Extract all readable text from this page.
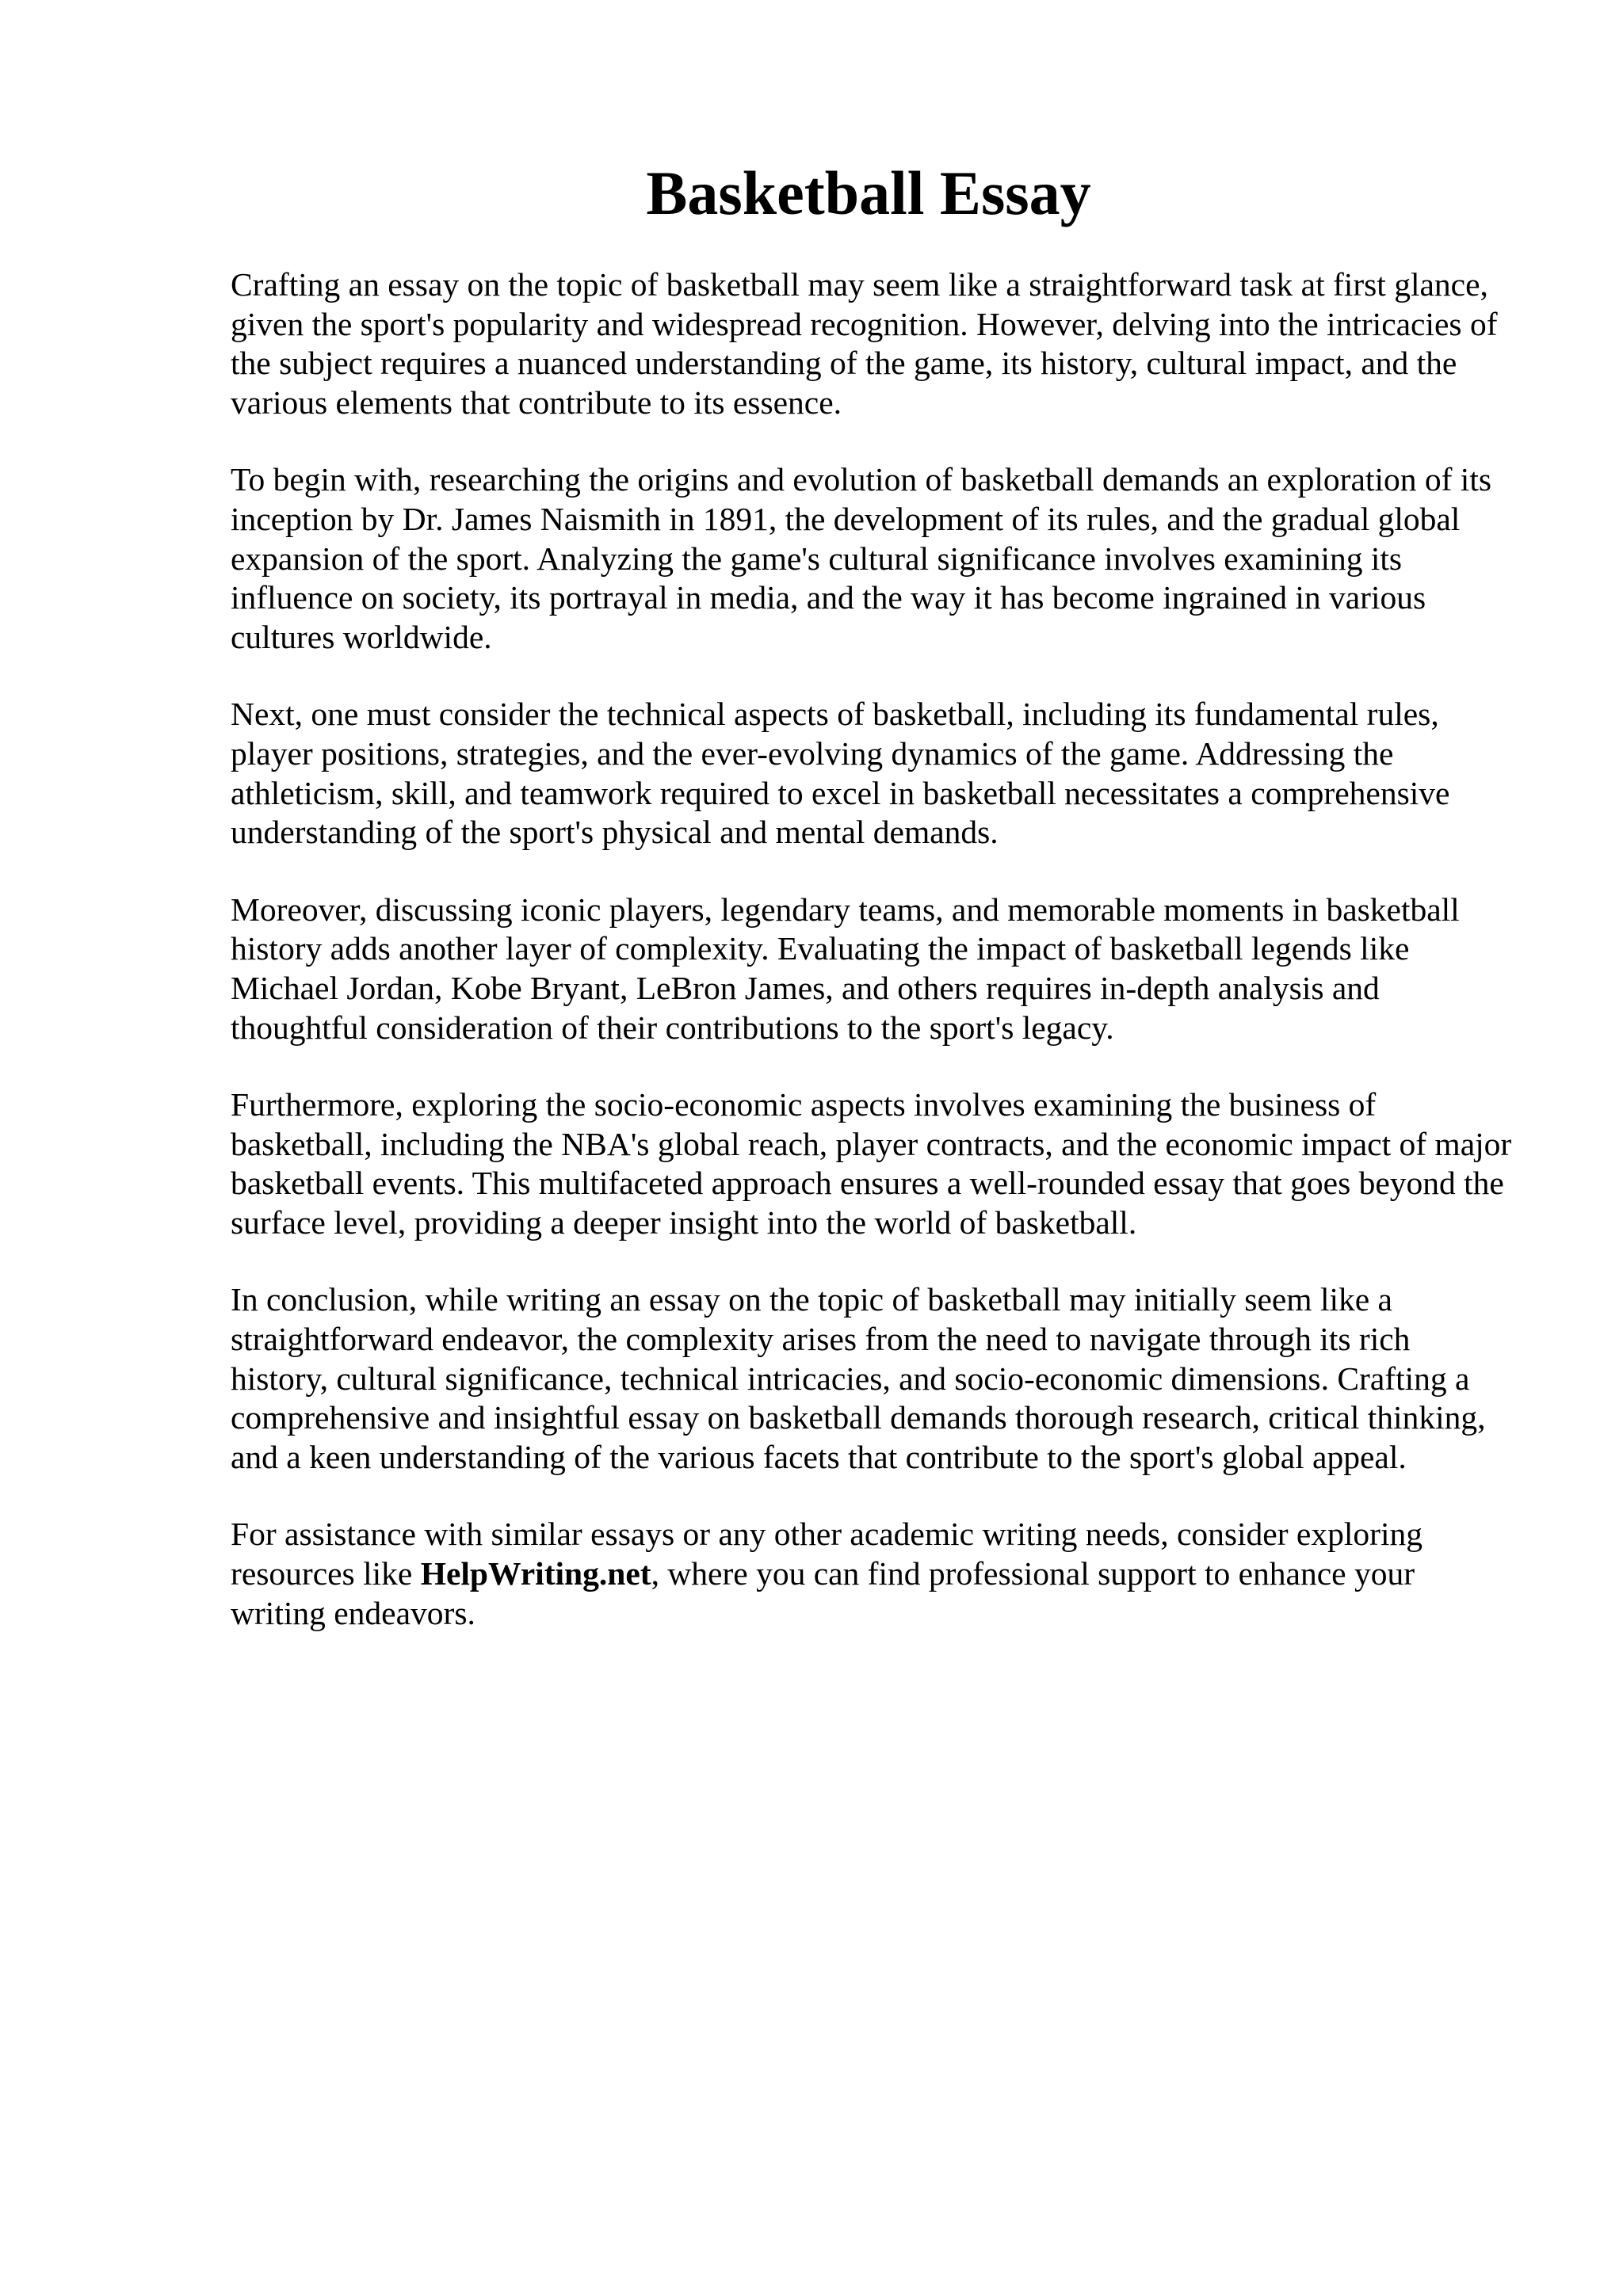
Basketball Essay

Crafting an essay on the topic of basketball may seem like a straightforward task at first glance,
given the sport's popularity and widespread recognition. However, delving into the intricacies of
the subject requires a nuanced understanding of the game, its history, cultural impact, and the
various elements that contribute to its essence.

To begin with, researching the origins and evolution of basketball demands an exploration of its
inception by Dr. James Naismith in 1891, the development of its rules, and the gradual global
expansion of the sport. Analyzing the game's cultural significance involves examining its
influence on society, its portrayal in media, and the way it has become ingrained in various
cultures worldwide.

Next, one must consider the technical aspects of basketball, including its fundamental rules,
player positions, strategies, and the ever-evolving dynamics of the game. Addressing the
athleticism, skill, and teamwork required to excel in basketball necessitates a comprehensive
understanding of the sport's physical and mental demands.

Moreover, discussing iconic players, legendary teams, and memorable moments in basketball
history adds another layer of complexity. Evaluating the impact of basketball legends like
Michael Jordan, Kobe Bryant, LeBron James, and others requires in-depth analysis and
thoughtful consideration of their contributions to the sport's legacy.

Furthermore, exploring the socio-economic aspects involves examining the business of
basketball, including the NBA's global reach, player contracts, and the economic impact of major
basketball events. This multifaceted approach ensures a well-rounded essay that goes beyond the
surface level, providing a deeper insight into the world of basketball.

In conclusion, while writing an essay on the topic of basketball may initially seem like a
straightforward endeavor, the complexity arises from the need to navigate through its rich
history, cultural significance, technical intricacies, and socio-economic dimensions. Crafting a
comprehensive and insightful essay on basketball demands thorough research, critical thinking,
and a keen understanding of the various facets that contribute to the sport's global appeal.

For assistance with similar essays or any other academic writing needs, consider exploring
resources like HelpWriting.net, where you can find professional support to enhance your
writing endeavors.
